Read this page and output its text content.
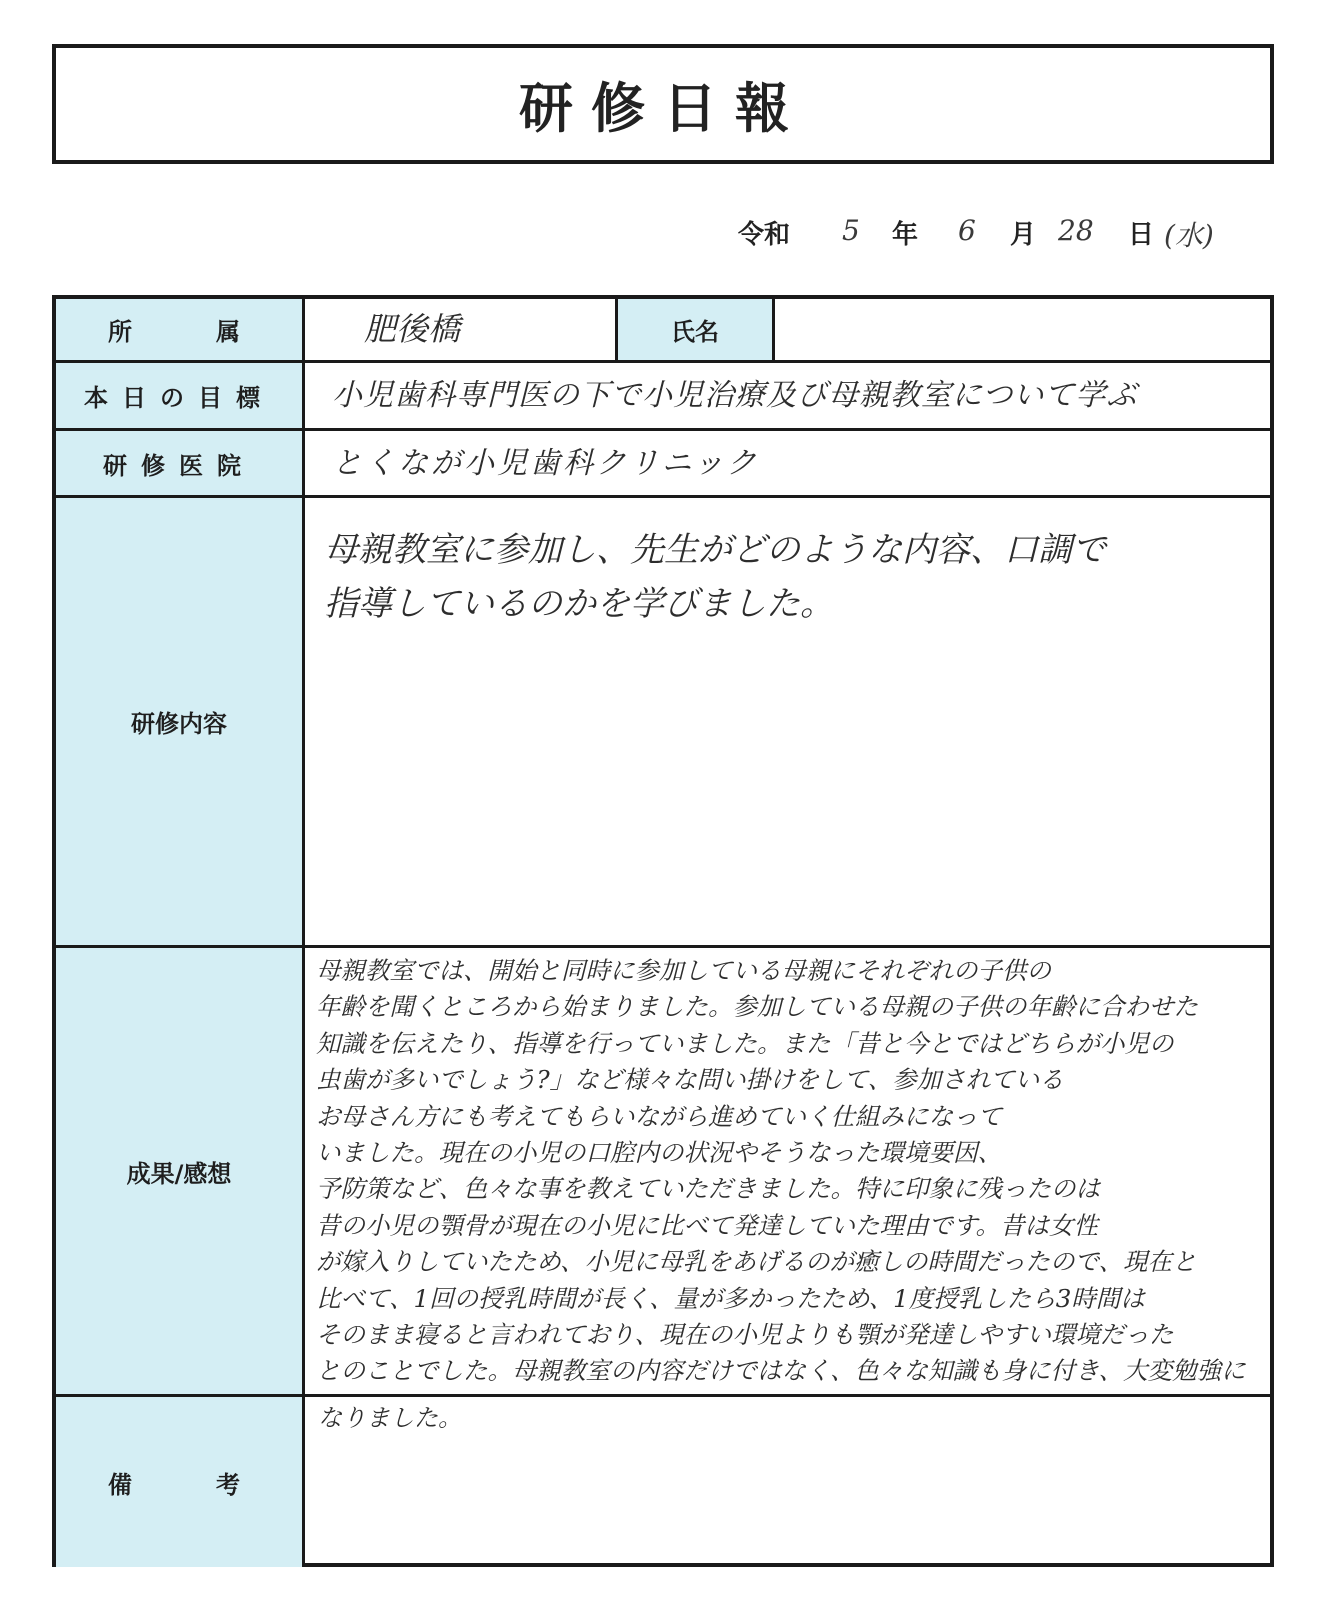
研修日報
令和 5 年 6 月 28 日 (水)
所	属
本日の目標
研修医院
研修内容
成果/感想
備	考
氏名
肥後橋
小児歯科専門医の下で小児治療及び母親教室について学ぶ
とくなが小児歯科クリニック
母親教室に参加し、先生がどのような内容、口調で
指導しているのかを学びました。
母親教室では、開始と同時に参加している母親にそれぞれの子供の
年齢を聞くところから始まりました。参加している母親の子供の年齢に合わせた
知識を伝えたり、指導を行っていました。また「昔と今とではどちらが小児の
虫歯が多いでしょう?」など様々な問い掛けをして、参加されている
お母さん方にも考えてもらいながら進めていく仕組みになって
いました。現在の小児の口腔内の状況やそうなった環境要因、
予防策など、色々な事を教えていただきました。特に印象に残ったのは
昔の小児の顎骨が現在の小児に比べて発達していた理由です。昔は女性
が嫁入りしていたため、小児に母乳をあげるのが癒しの時間だったので、現在と
比べて、1回の授乳時間が長く、量が多かったため、1度授乳したら3時間は
そのまま寝ると言われており、現在の小児よりも顎が発達しやすい環境だった
とのことでした。母親教室の内容だけではなく、色々な知識も身に付き、大変勉強に
なりました。
